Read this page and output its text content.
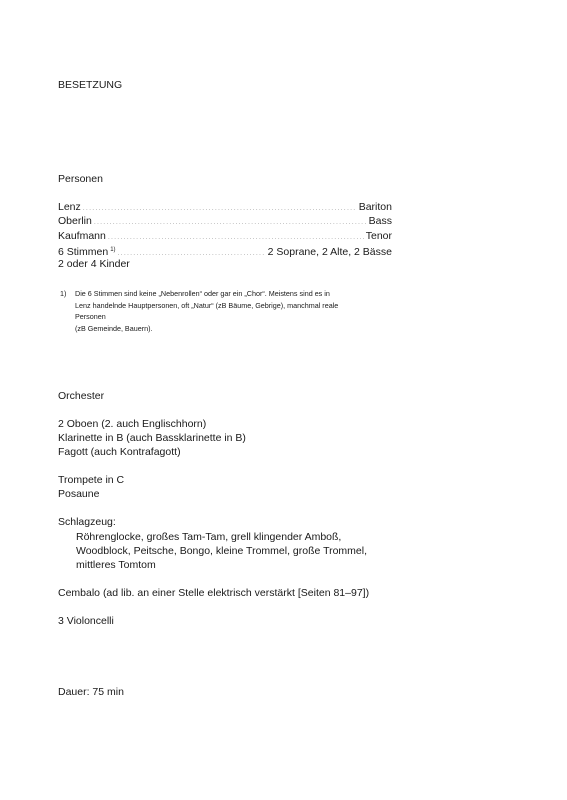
BESETZUNG
Personen
Lenz .....	Bariton
Oberlin .....	Bass
Kaufmann .....	Tenor
6 Stimmen $^{1)}$ .....	2 Soprane, 2 Alte, 2 Bässe
2 oder 4 Kinder
1) Die 6 Stimmen sind keine „Nebenrollen“ oder gar ein „Chor“. Meistens sind es in
Lenz handelnde Hauptpersonen, oft „Natur“ (zB Bäume, Gebrige), manchmal reale
Personen
(zB Gemeinde, Bauern).
Orchester
2 Oboen (2. auch Englischhorn)
Klarinette in B (auch Bassklarinette in B)
Fagott (auch Kontrafagott)
Trompete in C
Posaune
Schlagzeug:
Röhrenglocke, großes Tam-Tam, grell klingender Amboß,
Woodblock, Peitsche, Bongo, kleine Trommel, große Trommel,
mittleres Tomtom
Cembalo (ad lib. an einer Stelle elektrisch verstärkt [Seiten 81–97])
3 Violoncelli
Dauer: 75 min
